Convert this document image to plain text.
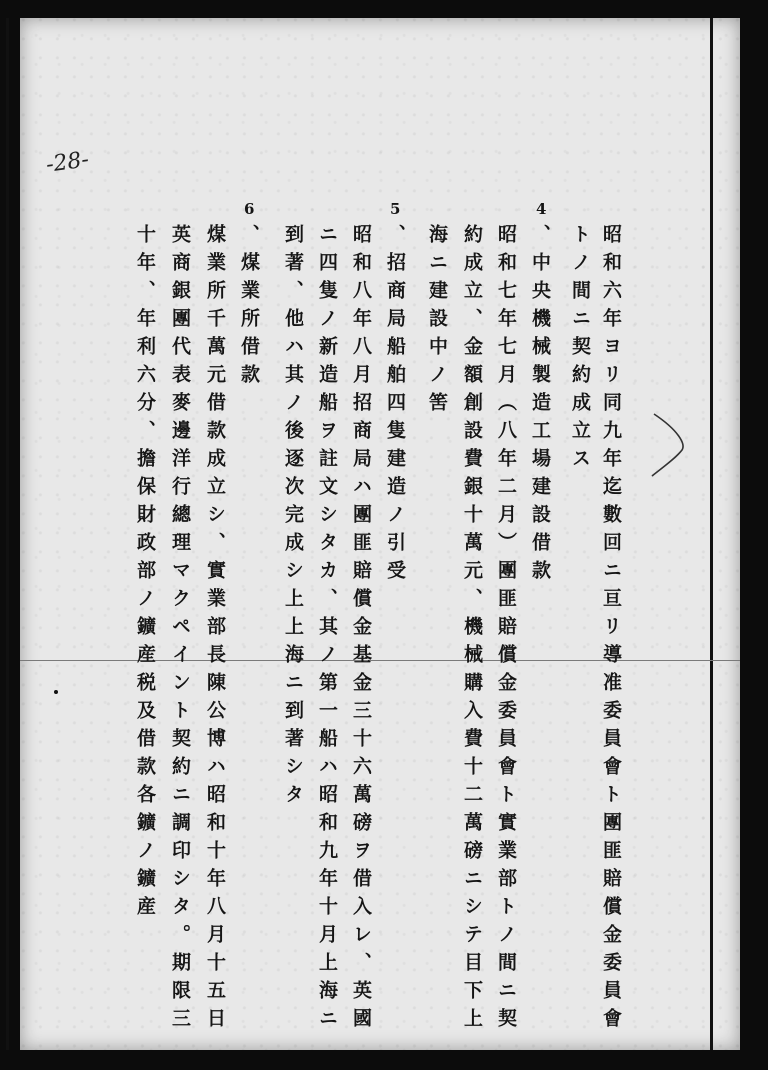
-28-
昭和六年ヨリ同九年迄數回ニ亘リ導准委員會ト團匪賠償金委員會
トノ間ニ契約成立ス
4
、中央機械製造工場建設借款
昭和七年七月（八年二月）團匪賠償金委員會ト實業部トノ間ニ契
約成立、金額創設費銀十萬元、機械購入費十二萬磅ニシテ目下上
海ニ建設中ノ筈
5
、招商局船舶四隻建造ノ引受
昭和八年八月招商局ハ團匪賠償金基金三十六萬磅ヲ借入レ、英國
ニ四隻ノ新造船ヲ註文シタカ、其ノ第一船ハ昭和九年十月上海ニ
到著、他ハ其ノ後逐次完成シ上上海ニ到著シタ
6
、煤業所借款
煤業所千萬元借款成立シ、實業部長陳公博ハ昭和十年八月十五日
英商銀團代表麥邊洋行總理マクペイント契約ニ調印シタ。期限三
十年、年利六分、擔保財政部ノ鑛産税及借款各鑛ノ鑛産
